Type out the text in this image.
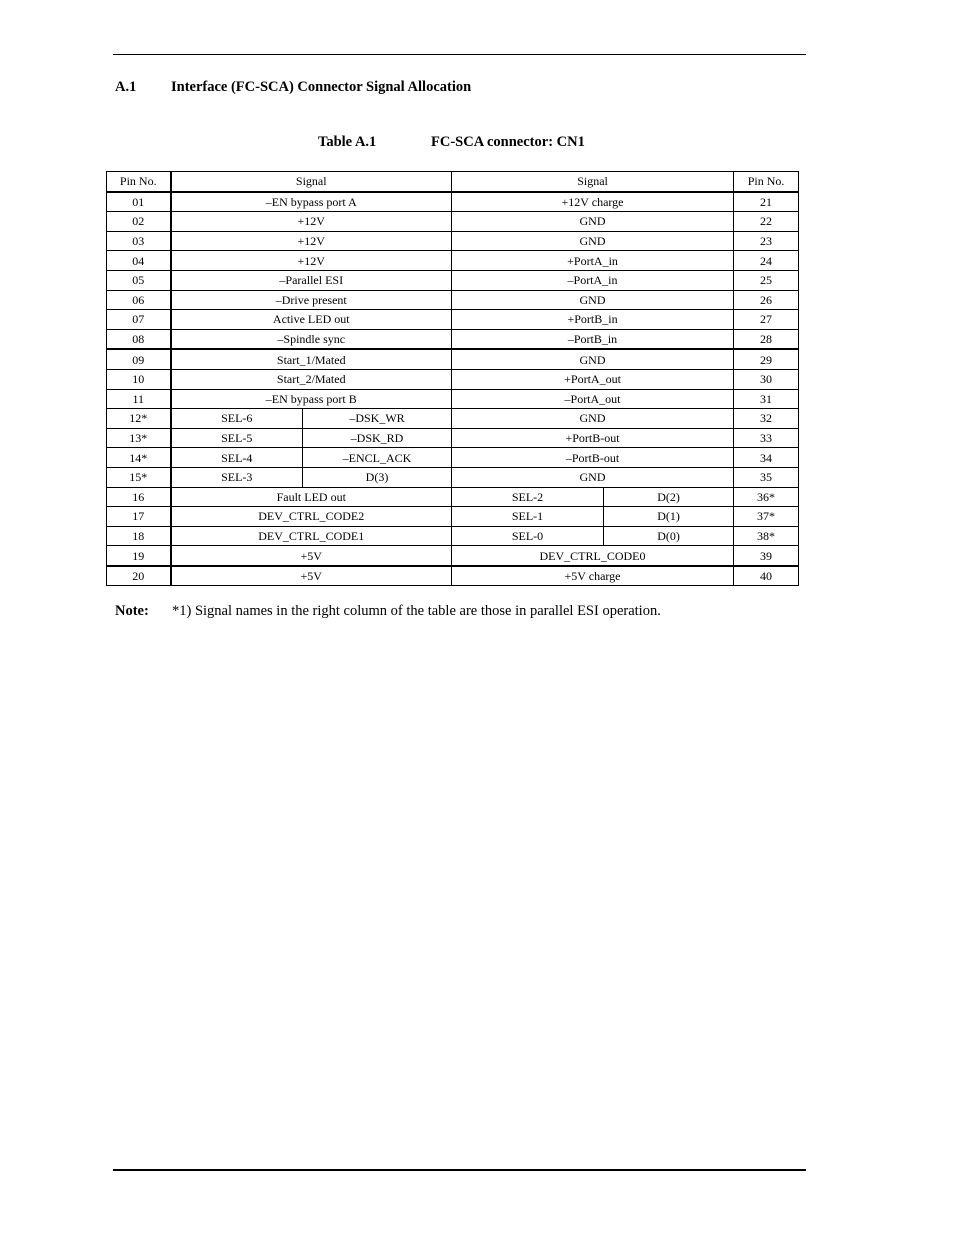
A.1 Interface (FC-SCA) Connector Signal Allocation
Table A.1	FC-SCA connector: CN1
Pin No.	Signal		Signal		Pin No.
01	–EN bypass port A		+12V charge		21
02	+12V		GND		22
03	+12V		GND		23
04	+12V		+PortA_in		24
05	–Parallel ESI		–PortA_in		25
06	–Drive present		GND		26
07	Active LED out		+PortB_in		27
08	–Spindle sync		–PortB_in		28
09	Start_1/Mated		GND		29
10	Start_2/Mated		+PortA_out		30
11	–EN bypass port B		–PortA_out		31
12*	SEL-6	–DSK_WR	GND		32
13*	SEL-5	–DSK_RD	+PortB-out		33
14*	SEL-4	–ENCL_ACK	–PortB-out		34
15*	SEL-3	D(3)	GND		35
16	Fault LED out		SEL-2	D(2)	36*
17	DEV_CTRL_CODE2		SEL-1	D(1)	37*
18	DEV_CTRL_CODE1		SEL-0	D(0)	38*
19	+5V		DEV_CTRL_CODE0		39
20	+5V		+5V charge		40
Note: *1) Signal names in the right column of the table are those in parallel ESI operation.
